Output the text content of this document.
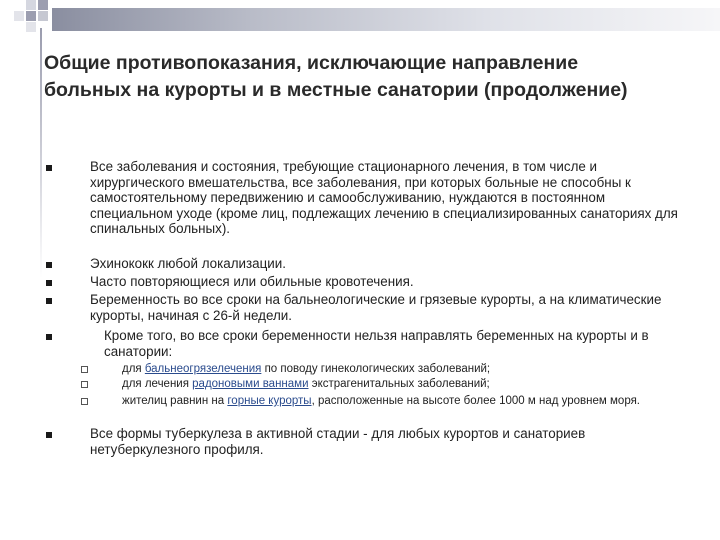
Общие противопоказания, исключающие направление больных на курорты и в местные санатории (продолжение)
Все заболевания и состояния, требующие стационарного лечения, в том числе и хирургического вмешательства, все заболевания, при которых больные не способны к самостоятельному передвижению и самообслуживанию, нуждаются в постоянном специальном уходе (кроме лиц, подлежащих лечению в специализированных санаториях для спинальных больных).
Эхинококк любой локализации.
Часто повторяющиеся или обильные кровотечения.
Беременность во все сроки на бальнеологические и грязевые курорты, а на климатические курорты, начиная с 26-й недели.
Кроме того, во все сроки беременности нельзя направлять беременных на курорты и в санатории:
для бальнеогрязелечения по поводу гинекологических заболеваний;
для лечения радоновыми ваннами экстрагенитальных заболеваний;
жителиц равнин на горные курорты, расположенные на высоте более 1000 м над уровнем моря.
Все формы туберкулеза в активной стадии - для любых курортов и санаториев нетуберкулезного профиля.
